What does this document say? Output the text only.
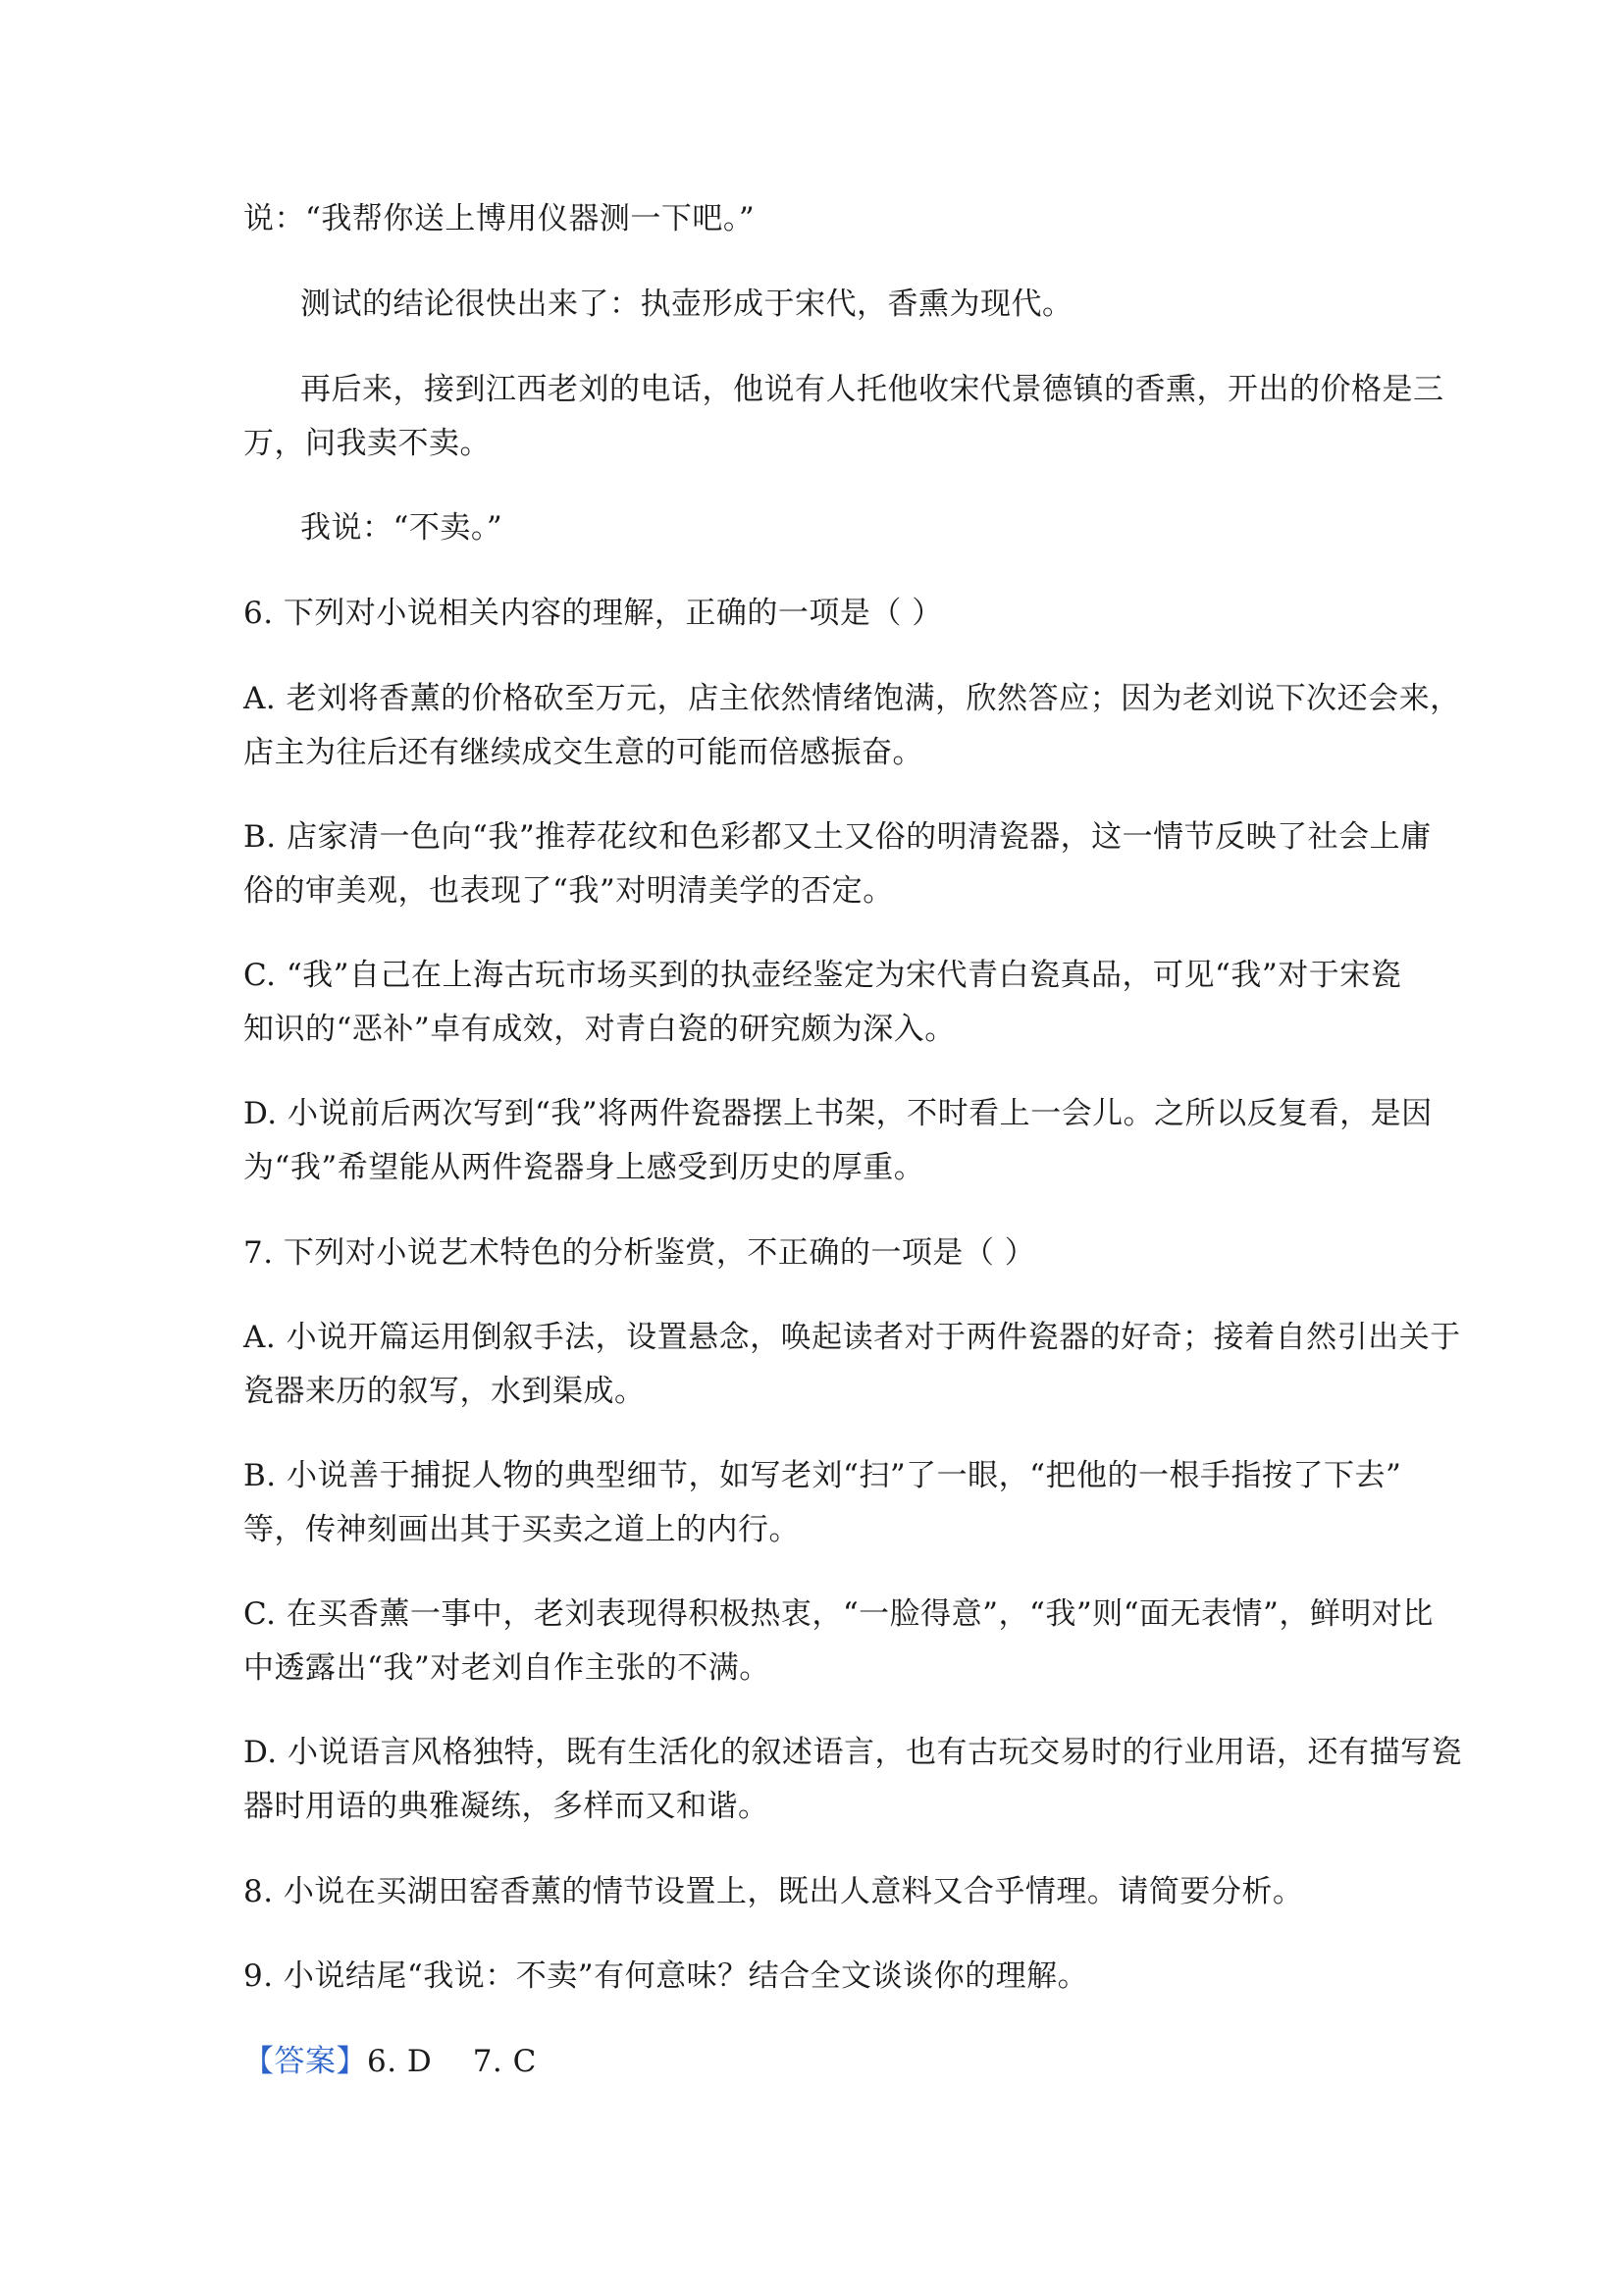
说：“我帮你送上博用仪器测一下吧。”
测试的结论很快出来了：执壶形成于宋代，香熏为现代。
再后来，接到江西老刘的电话，他说有人托他收宋代景德镇的香熏，开出的价格是三
万，问我卖不卖。
我说：“不卖。”
6. 下列对小说相关内容的理解，正确的一项是（ ）
A. 老刘将香薰的价格砍至万元，店主依然情绪饱满，欣然答应；因为老刘说下次还会来，
店主为往后还有继续成交生意的可能而倍感振奋。
B. 店家清一色向“我”推荐花纹和色彩都又土又俗的明清瓷器，这一情节反映了社会上庸
俗的审美观，也表现了“我”对明清美学的否定。
C. “我”自己在上海古玩市场买到的执壶经鉴定为宋代青白瓷真品，可见“我”对于宋瓷
知识的“恶补”卓有成效，对青白瓷的研究颇为深入。
D. 小说前后两次写到“我”将两件瓷器摆上书架，不时看上一会儿。之所以反复看，是因
为“我”希望能从两件瓷器身上感受到历史的厚重。
7. 下列对小说艺术特色的分析鉴赏，不正确的一项是（ ）
A. 小说开篇运用倒叙手法，设置悬念，唤起读者对于两件瓷器的好奇；接着自然引出关于
瓷器来历的叙写，水到渠成。
B. 小说善于捕捉人物的典型细节，如写老刘“扫”了一眼，“把他的一根手指按了下去”
等，传神刻画出其于买卖之道上的内行。
C. 在买香薰一事中，老刘表现得积极热衷，“一脸得意”，“我”则“面无表情”，鲜明对比
中透露出“我”对老刘自作主张的不满。
D. 小说语言风格独特，既有生活化的叙述语言，也有古玩交易时的行业用语，还有描写瓷
器时用语的典雅凝练，多样而又和谐。
8. 小说在买湖田窑香薰的情节设置上，既出人意料又合乎情理。请简要分析。
9. 小说结尾“我说：不卖”有何意味？结合全文谈谈你的理解。
【答案】6. D    7. C
